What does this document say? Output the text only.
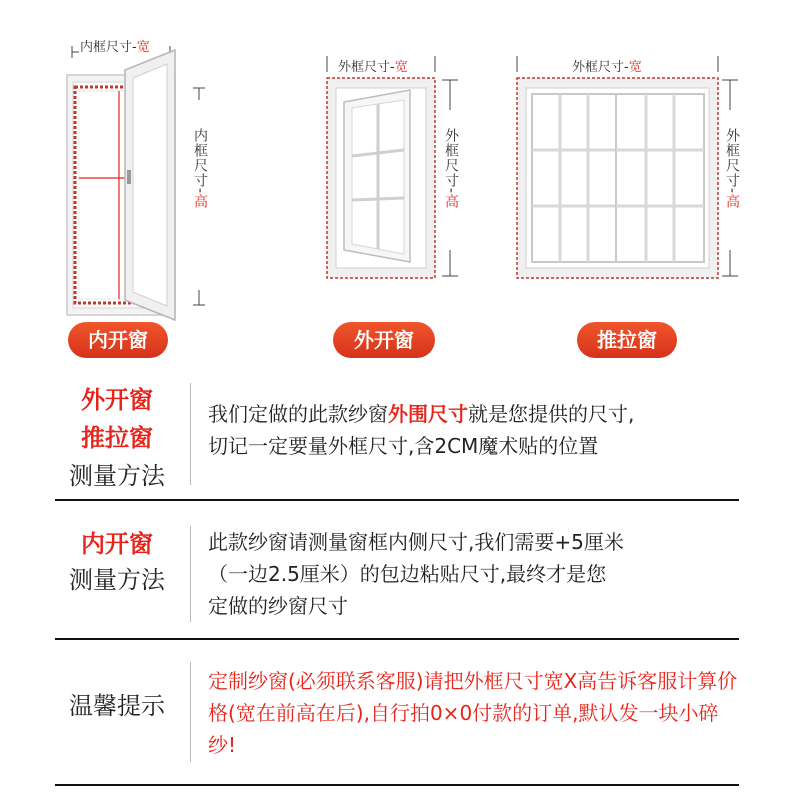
内框尺寸-宽
内框尺寸-高
内开窗
外框尺寸-宽
外框尺寸-高
外开窗
外框尺寸-宽
外框尺寸-高
推拉窗
外开窗
推拉窗
测量方法
我们定做的此款纱窗外围尺寸就是您提供的尺寸,
切记一定要量外框尺寸,含2CM魔术贴的位置
内开窗
测量方法
此款纱窗请测量窗框内侧尺寸,我们需要+5厘米
（一边2.5厘米）的包边粘贴尺寸,最终才是您
定做的纱窗尺寸
温馨提示
定制纱窗(必须联系客服)请把外框尺寸宽X高告诉客服计算价格(宽在前高在后),自行拍0×0付款的订单,默认发一块小碎纱!
